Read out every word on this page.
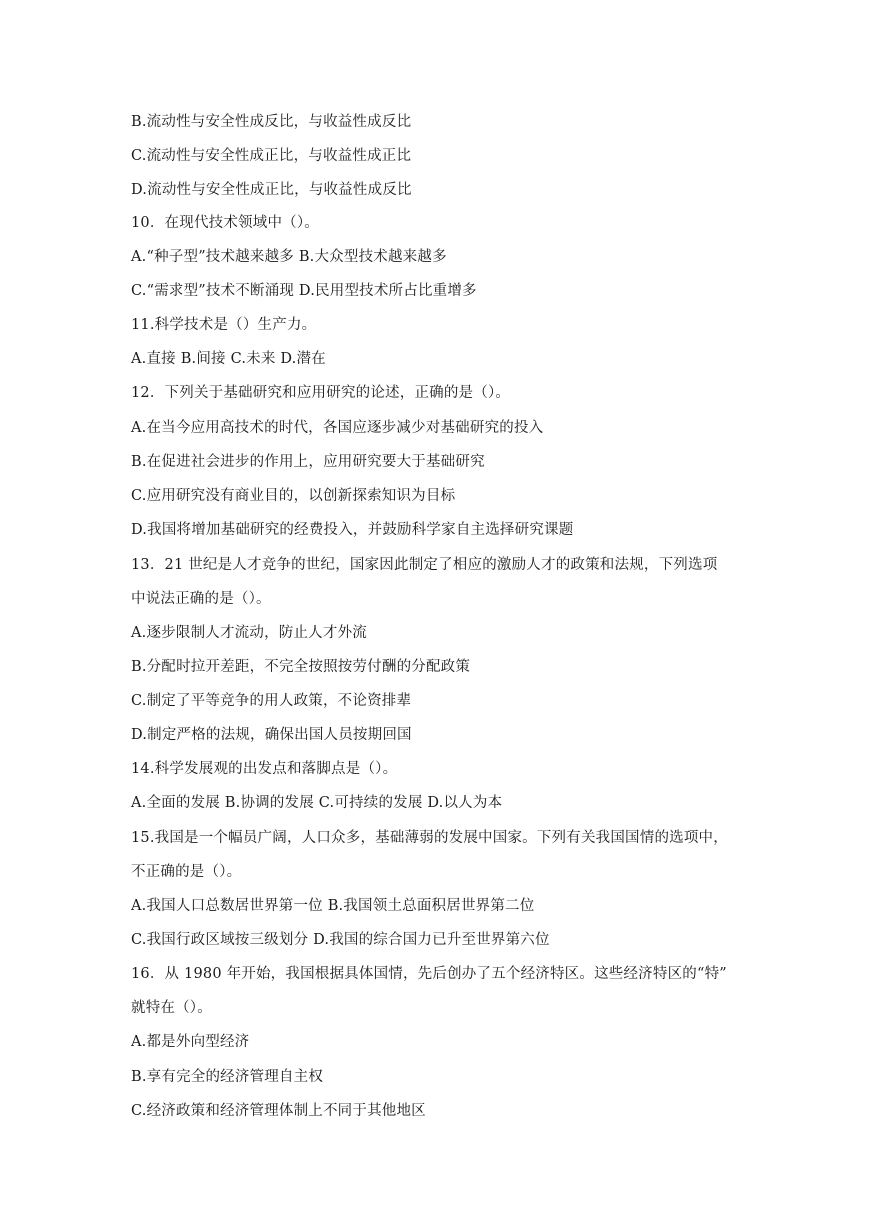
B.流动性与安全性成反比，与收益性成反比
C.流动性与安全性成正比，与收益性成正比
D.流动性与安全性成正比，与收益性成反比
10．在现代技术领域中（）。
A.“种子型”技术越来越多 B.大众型技术越来越多
C.“需求型”技术不断涌现 D.民用型技术所占比重增多
11.科学技术是（）生产力。
A.直接 B.间接 C.未来 D.潜在
12．下列关于基础研究和应用研究的论述，正确的是（）。
A.在当今应用高技术的时代，各国应逐步减少对基础研究的投入
B.在促进社会进步的作用上，应用研究要大于基础研究
C.应用研究没有商业目的，以创新探索知识为目标
D.我国将增加基础研究的经费投入，并鼓励科学家自主选择研究课题
13．21 世纪是人才竞争的世纪，国家因此制定了相应的激励人才的政策和法规，下列选项
中说法正确的是（）。
A.逐步限制人才流动，防止人才外流
B.分配时拉开差距，不完全按照按劳付酬的分配政策
C.制定了平等竞争的用人政策，不论资排辈
D.制定严格的法规，确保出国人员按期回国
14.科学发展观的出发点和落脚点是（）。
A.全面的发展 B.协调的发展 C.可持续的发展 D.以人为本
15.我国是一个幅员广阔，人口众多，基础薄弱的发展中国家。下列有关我国国情的选项中，
不正确的是（）。
A.我国人口总数居世界第一位 B.我国领土总面积居世界第二位
C.我国行政区域按三级划分 D.我国的综合国力已升至世界第六位
16．从 1980 年开始，我国根据具体国情，先后创办了五个经济特区。这些经济特区的“特”
就特在（）。
A.都是外向型经济
B.享有完全的经济管理自主权
C.经济政策和经济管理体制上不同于其他地区
